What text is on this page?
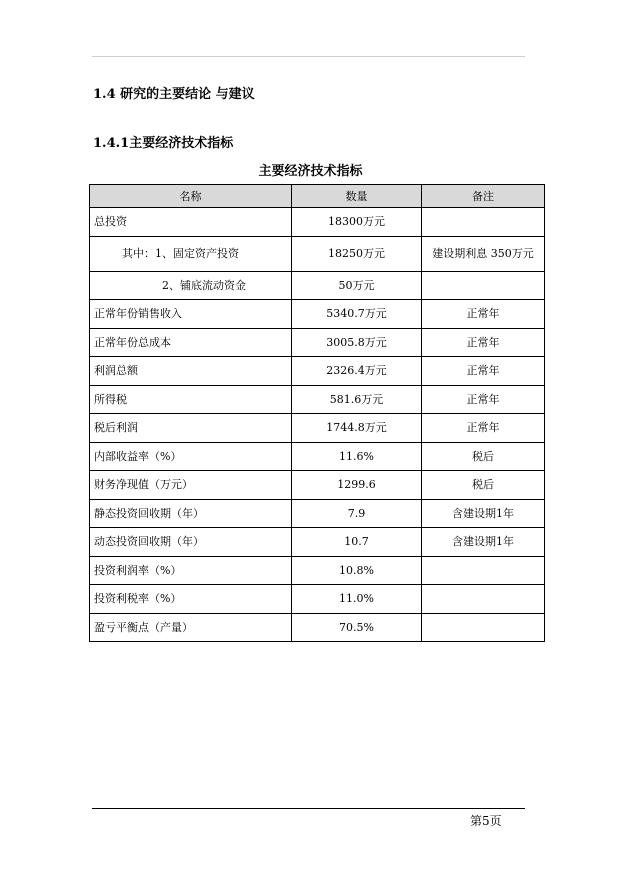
1.4 研究的主要结论 与建议
1.4.1主要经济技术指标
主要经济技术指标
名称	数量	备注
总投资	18300万元	
其中：1、固定资产投资	18250万元	建设期利息 350万元
2、铺底流动资金	50万元	
正常年份销售收入	5340.7万元	正常年
正常年份总成本	3005.8万元	正常年
利润总额	2326.4万元	正常年
所得税	581.6万元	正常年
税后利润	1744.8万元	正常年
内部收益率（%）	11.6%	税后
财务净现值（万元）	1299.6	税后
静态投资回收期（年）	7.9	含建设期1年
动态投资回收期（年）	10.7	含建设期1年
投资利润率（%）	10.8%	
投资利税率（%）	11.0%	
盈亏平衡点（产量）	70.5%	
第5页
